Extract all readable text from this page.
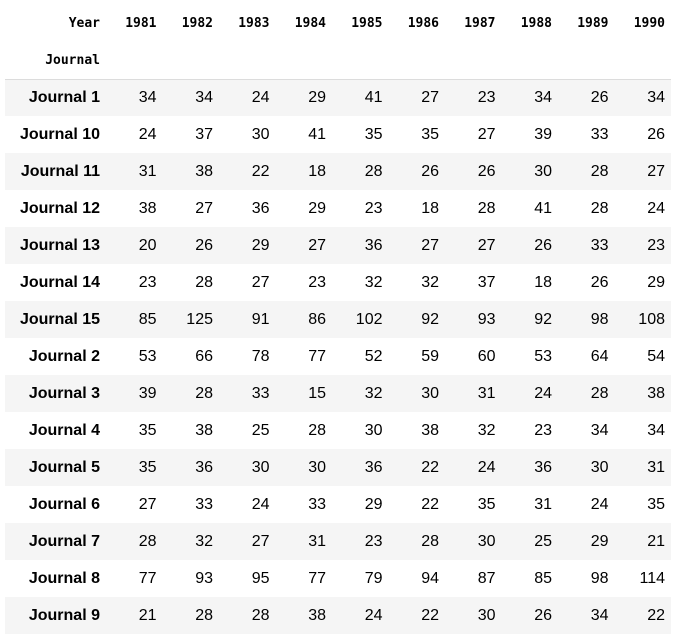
Year	1981	1982	1983	1984	1985	1986	1987	1988	1989	1990
Journal										
Journal 1	34	34	24	29	41	27	23	34	26	34
Journal 10	24	37	30	41	35	35	27	39	33	26
Journal 11	31	38	22	18	28	26	26	30	28	27
Journal 12	38	27	36	29	23	18	28	41	28	24
Journal 13	20	26	29	27	36	27	27	26	33	23
Journal 14	23	28	27	23	32	32	37	18	26	29
Journal 15	85	125	91	86	102	92	93	92	98	108
Journal 2	53	66	78	77	52	59	60	53	64	54
Journal 3	39	28	33	15	32	30	31	24	28	38
Journal 4	35	38	25	28	30	38	32	23	34	34
Journal 5	35	36	30	30	36	22	24	36	30	31
Journal 6	27	33	24	33	29	22	35	31	24	35
Journal 7	28	32	27	31	23	28	30	25	29	21
Journal 8	77	93	95	77	79	94	87	85	98	114
Journal 9	21	28	28	38	24	22	30	26	34	22
